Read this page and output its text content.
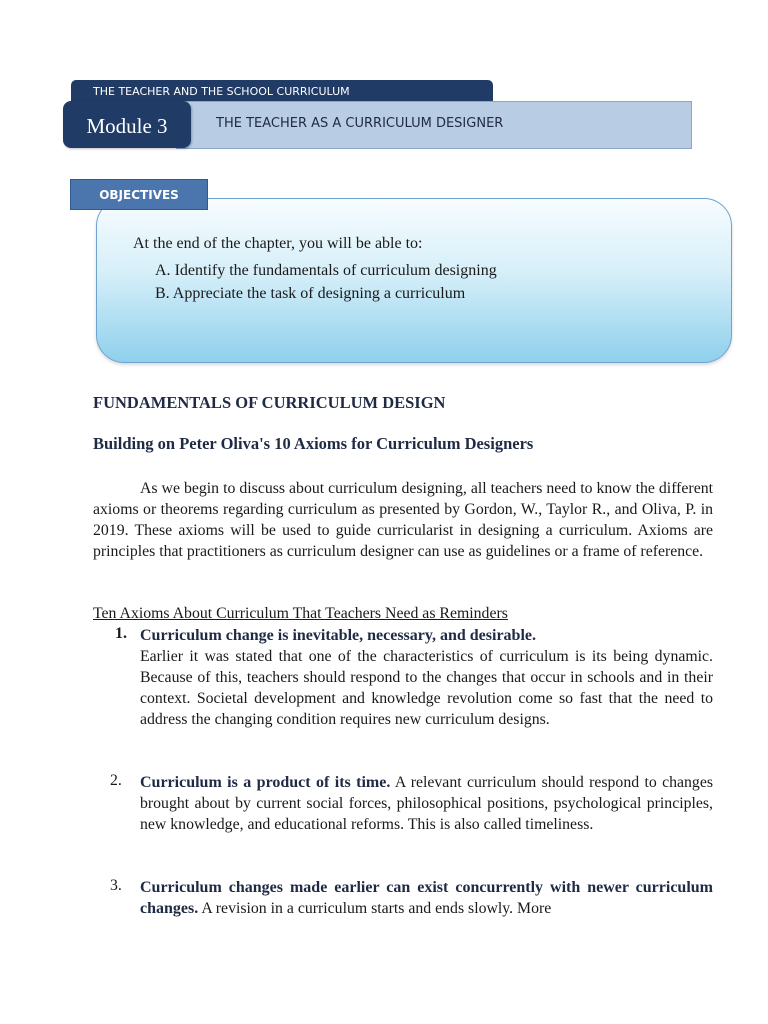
THE TEACHER AND THE SCHOOL CURRICULUM
THE TEACHER AS A CURRICULUM DESIGNER
Module 3
OBJECTIVES
At the end of the chapter, you will be able to:
A. Identify the fundamentals of curriculum designing
B. Appreciate the task of designing a curriculum
FUNDAMENTALS OF CURRICULUM DESIGN
Building on Peter Oliva's 10 Axioms for Curriculum Designers
As we begin to discuss about curriculum designing, all teachers need to know the different axioms or theorems regarding curriculum as presented by Gordon, W., Taylor R., and Oliva, P. in 2019. These axioms will be used to guide curricularist in designing a curriculum. Axioms are principles that practitioners as curriculum designer can use as guidelines or a frame of reference.
Ten Axioms About Curriculum That Teachers Need as Reminders
1. Curriculum change is inevitable, necessary, and desirable.
Earlier it was stated that one of the characteristics of curriculum is its being dynamic. Because of this, teachers should respond to the changes that occur in schools and in their context. Societal development and knowledge revolution come so fast that the need to address the changing condition requires new curriculum designs.
2. Curriculum is a product of its time. A relevant curriculum should respond to changes brought about by current social forces, philosophical positions, psychological principles, new knowledge, and educational reforms. This is also called timeliness.
3. Curriculum changes made earlier can exist concurrently with newer curriculum changes. A revision in a curriculum starts and ends slowly. More
